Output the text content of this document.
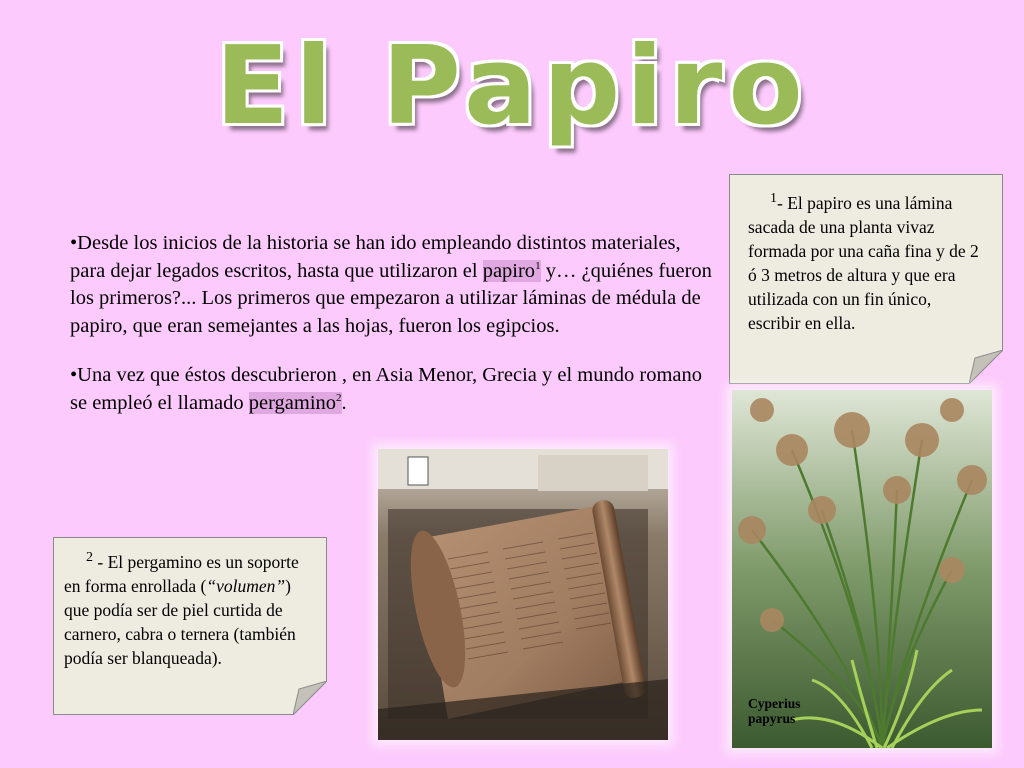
El Papiro

•Desde los inicios de la historia se han ido empleando distintos materiales, para dejar legados escritos, hasta que utilizaron el papiro$^1$ y… ¿quiénes fueron los primeros?... Los primeros que empezaron a utilizar láminas de médula de papiro, que eran semejantes a las hojas, fueron los egipcios.

•Una vez que éstos descubrieron , en Asia Menor, Grecia y el mundo romano se empleó el llamado pergamino$^2$.

$^1$- El papiro es una lámina sacada de una planta vivaz formada por una caña fina y de 2 ó 3 metros de altura y que era utilizada con un fin único, escribir en ella.
$^2$ - El pergamino es un soporte en forma enrollada (“volumen”) que podía ser de piel curtida de carnero, cabra o ternera (también podía ser blanqueada).
Cyperius papyrus
